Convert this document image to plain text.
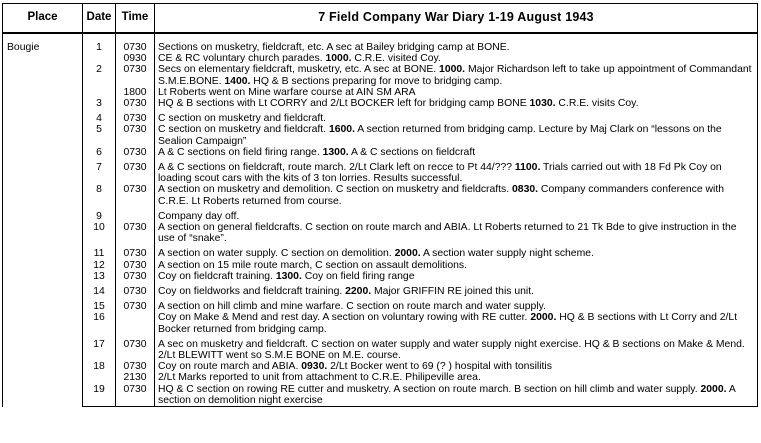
Place	Date	Time	7 Field Company War Diary 1-19 August 1943
Bougie	1	0730	Sections on musketry, fieldcraft, etc. A sec at Bailey bridging camp at BONE.
		0930	CE & RC voluntary church parades. 1000. C.R.E. visited Coy.
	2	0730	Secs on elementary fieldcraft, musketry, etc. A sec at BONE. 1000. Major Richardson left to take up appointment of Commandant S.M.E.BONE. 1400. HQ & B sections preparing for move to bridging camp.
		1800	Lt Roberts went on Mine warfare course at AIN SM ARA
	3	0730	HQ & B sections with Lt CORRY and 2/Lt BOCKER left for bridging camp BONE 1030. C.R.E. visits Coy.
	4	0730	C section on musketry and fieldcraft.
	5	0730	C section on musketry and fieldcraft. 1600. A section returned from bridging camp. Lecture by Maj Clark on “lessons on the Sealion Campaign”
	6	0730	A & C sections on field firing range. 1300. A & C sections on fieldcraft
	7	0730	A & C sections on fieldcraft, route march. 2/Lt Clark left on recce to Pt 44/??? 1100. Trials carried out with 18 Fd Pk Coy on loading scout cars with the kits of 3 ton lorries. Results successful.
	8	0730	A section on musketry and demolition. C section on musketry and fieldcrafts. 0830. Company commanders conference with C.R.E. Lt Roberts returned from course.
	9		Company day off.
	10	0730	A section on general fieldcrafts. C section on route march and ABIA. Lt Roberts returned to 21 Tk Bde to give instruction in the use of “snake”.
	11	0730	A section on water supply. C section on demolition. 2000. A section water supply night scheme.
	12	0730	A section on 15 mile route march, C section on assault demolitions.
	13	0730	Coy on fieldcraft training. 1300. Coy on field firing range
	14	0730	Coy on fieldworks and fieldcraft training. 2200. Major GRIFFIN RE joined this unit.
	15	0730	A section on hill climb and mine warfare. C section on route march and water supply.
	16		Coy on Make & Mend and rest day. A section on voluntary rowing with RE cutter. 2000. HQ & B sections with Lt Corry and 2/Lt Bocker returned from bridging camp.
	17	0730	A sec on musketry and fieldcraft. C section on water supply and water supply night exercise. HQ & B sections on Make & Mend. 2/Lt BLEWITT went so S.M.E BONE on M.E. course.
	18	0730	Coy on route march and ABIA. 0930. 2/Lt Bocker went to 69 (? ) hospital with tonsilitis
		2130	2/Lt Marks reported to unit from attachment to C.R.E. Philipeville area.
	19	0730	HQ & C section on rowing RE cutter and musketry. A section on route march. B section on hill climb and water supply. 2000. A section on demolition night exercise
